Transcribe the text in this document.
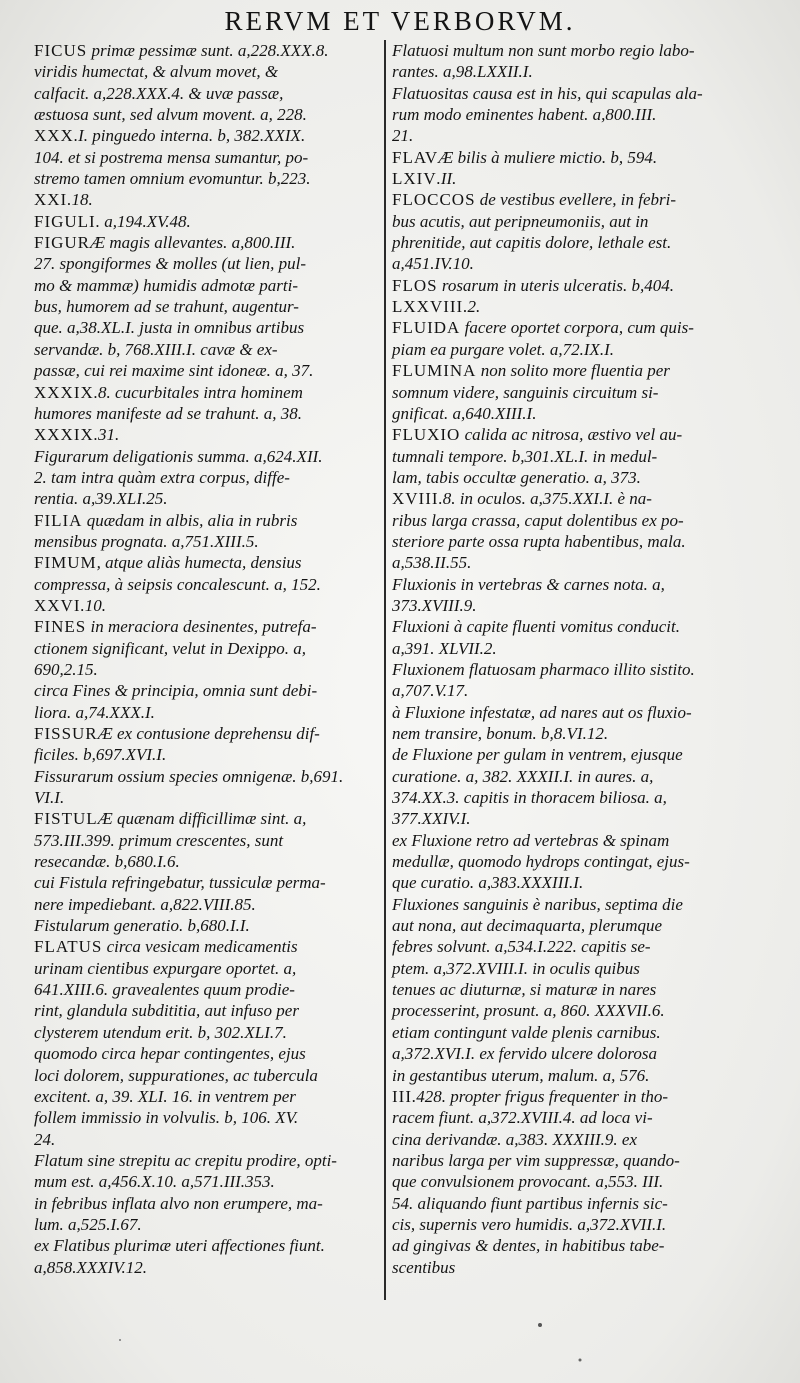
RERVM ET VERBORVM.
FICUS primæ pessimæ sunt. a,228.XXX.8.
viridis humectat, & alvum movet, &
calfacit. a,228.XXX.4. & uvæ passæ,
æstuosa sunt, sed alvum movent. a, 228.
XXX.I. pinguedo interna. b, 382.XXIX.
104. et si postrema mensa sumantur, po-
stremo tamen omnium evomuntur. b,223.
XXI.18.
FIGULI. a,194.XV.48.
FIGURÆ magis allevantes. a,800.III.
27. spongiformes & molles (ut lien, pul-
mo & mammæ) humidis admotæ parti-
bus, humorem ad se trahunt, augentur-
que. a,38.XL.I. justa in omnibus artibus
servandæ. b, 768.XIII.I. cavæ & ex-
passæ, cui rei maxime sint idoneæ. a, 37.
XXXIX.8. cucurbitales intra hominem
humores manifeste ad se trahunt. a, 38.
XXXIX.31.
Figurarum deligationis summa. a,624.XII.
2. tam intra quàm extra corpus, diffe-
rentia. a,39.XLI.25.
FILIA quædam in albis, alia in rubris
mensibus prognata. a,751.XIII.5.
FIMUM, atque aliàs humecta, densius
compressa, à seipsis concalescunt. a, 152.
XXVI.10.
FINES in meraciora desinentes, putrefa-
ctionem significant, velut in Dexippo. a,
690,2.15.
circa Fines & principia, omnia sunt debi-
liora. a,74.XXX.I.
FISSURÆ ex contusione deprehensu dif-
ficiles. b,697.XVI.I.
Fissurarum ossium species omnigenæ. b,691.
VI.I.
FISTULÆ quænam difficillimæ sint. a,
573.III.399. primum crescentes, sunt
resecandæ. b,680.I.6.
cui Fistula refringebatur, tussiculæ perma-
nere impediebant. a,822.VIII.85.
Fistularum generatio. b,680.I.I.
FLATUS circa vesicam medicamentis
urinam cientibus expurgare oportet. a,
641.XIII.6. gravealentes quum prodie-
rint, glandula subdititia, aut infuso per
clysterem utendum erit. b, 302.XLI.7.
quomodo circa hepar contingentes, ejus
loci dolorem, suppurationes, ac tubercula
excitent. a, 39. XLI. 16. in ventrem per
follem immissio in volvulis. b, 106. XV.
24.
Flatum sine strepitu ac crepitu prodire, opti-
mum est. a,456.X.10. a,571.III.353.
in febribus inflata alvo non erumpere, ma-
lum. a,525.I.67.
ex Flatibus plurimæ uteri affectiones fiunt.
a,858.XXXIV.12.
Flatuosi multum non sunt morbo regio labo-
rantes. a,98.LXXII.I.
Flatuositas causa est in his, qui scapulas ala-
rum modo eminentes habent. a,800.III.
21.
FLAVÆ bilis à muliere mictio. b, 594.
LXIV.II.
FLOCCOS de vestibus evellere, in febri-
bus acutis, aut peripneumoniis, aut in
phrenitide, aut capitis dolore, lethale est.
a,451.IV.10.
FLOS rosarum in uteris ulceratis. b,404.
LXXVIII.2.
FLUIDA facere oportet corpora, cum quis-
piam ea purgare volet. a,72.IX.I.
FLUMINA non solito more fluentia per
somnum videre, sanguinis circuitum si-
gnificat. a,640.XIII.I.
FLUXIO calida ac nitrosa, æstivo vel au-
tumnali tempore. b,301.XL.I. in medul-
lam, tabis occultæ generatio. a, 373.
XVIII.8. in oculos. a,375.XXI.I. è na-
ribus larga crassa, caput dolentibus ex po-
steriore parte ossa rupta habentibus, mala.
a,538.II.55.
Fluxionis in vertebras & carnes nota. a,
373.XVIII.9.
Fluxioni à capite fluenti vomitus conducit.
a,391. XLVII.2.
Fluxionem flatuosam pharmaco illito sistito.
a,707.V.17.
à Fluxione infestatæ, ad nares aut os fluxio-
nem transire, bonum. b,8.VI.12.
de Fluxione per gulam in ventrem, ejusque
curatione. a, 382. XXXII.I. in aures. a,
374.XX.3. capitis in thoracem biliosa. a,
377.XXIV.I.
ex Fluxione retro ad vertebras & spinam
medullæ, quomodo hydrops contingat, ejus-
que curatio. a,383.XXXIII.I.
Fluxiones sanguinis è naribus, septima die
aut nona, aut decimaquarta, plerumque
febres solvunt. a,534.I.222. capitis se-
ptem. a,372.XVIII.I. in oculis quibus
tenues ac diuturnæ, si maturæ in nares
processerint, prosunt. a, 860. XXXVII.6.
etiam contingunt valde plenis carnibus.
a,372.XVI.I. ex fervido ulcere dolorosa
in gestantibus uterum, malum. a, 576.
III.428. propter frigus frequenter in tho-
racem fiunt. a,372.XVIII.4. ad loca vi-
cina derivandæ. a,383. XXXIII.9. ex
naribus larga per vim suppressæ, quando-
que convulsionem provocant. a,553. III.
54. aliquando fiunt partibus infernis sic-
cis, supernis vero humidis. a,372.XVII.I.
ad gingivas & dentes, in habitibus tabe-
scentibus
